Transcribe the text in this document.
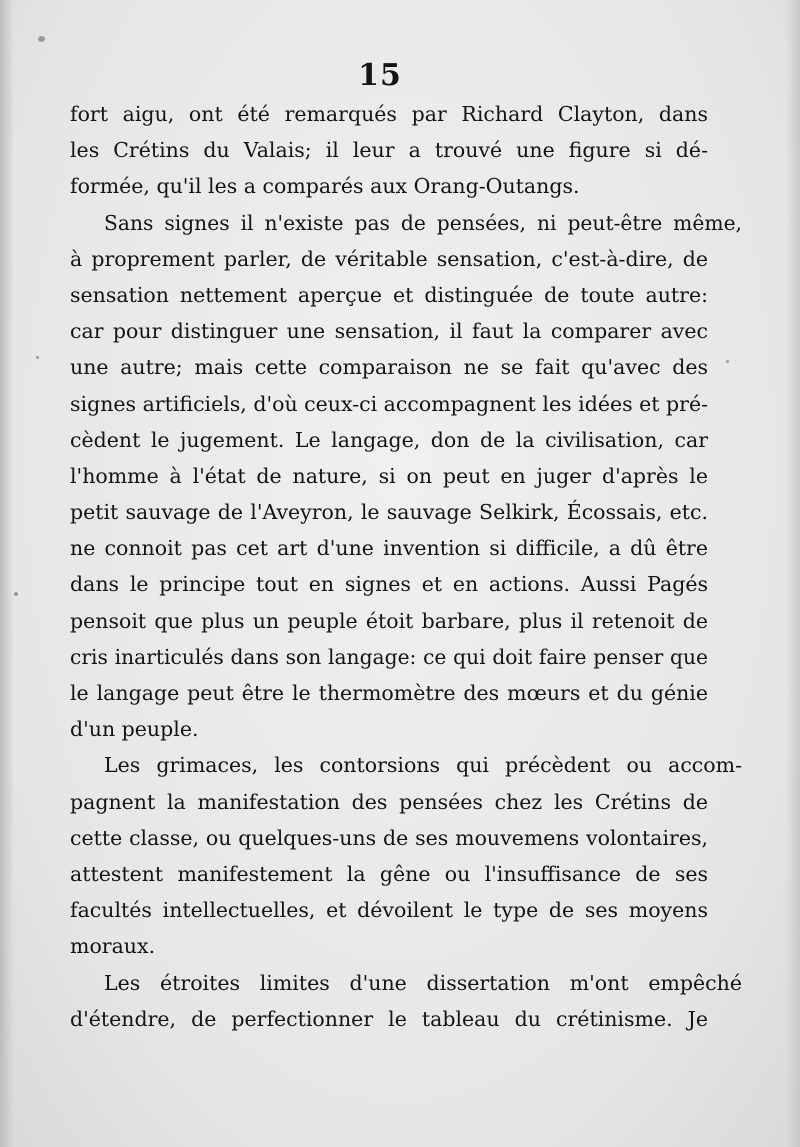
15
fort aigu, ont été remarqués par Richard Clayton, dans
les Crétins du Valais; il leur a trouvé une figure si dé-
formée, qu'il les a comparés aux Orang-Outangs.
Sans signes il n'existe pas de pensées, ni peut-être même,
à proprement parler, de véritable sensation, c'est-à-dire, de
sensation nettement aperçue et distinguée de toute autre:
car pour distinguer une sensation, il faut la comparer avec
une autre; mais cette comparaison ne se fait qu'avec des
signes artificiels, d'où ceux-ci accompagnent les idées et pré-
cèdent le jugement. Le langage, don de la civilisation, car
l'homme à l'état de nature, si on peut en juger d'après le
petit sauvage de l'Aveyron, le sauvage Selkirk, Écossais, etc.
ne connoit pas cet art d'une invention si difficile, a dû être
dans le principe tout en signes et en actions. Aussi Pagés
pensoit que plus un peuple étoit barbare, plus il retenoit de
cris inarticulés dans son langage: ce qui doit faire penser que
le langage peut être le thermomètre des mœurs et du génie
d'un peuple.
Les grimaces, les contorsions qui précèdent ou accom-
pagnent la manifestation des pensées chez les Crétins de
cette classe, ou quelques-uns de ses mouvemens volontaires,
attestent manifestement la gêne ou l'insuffisance de ses
facultés intellectuelles, et dévoilent le type de ses moyens
moraux.
Les étroites limites d'une dissertation m'ont empêché
d'étendre, de perfectionner le tableau du crétinisme. Je
